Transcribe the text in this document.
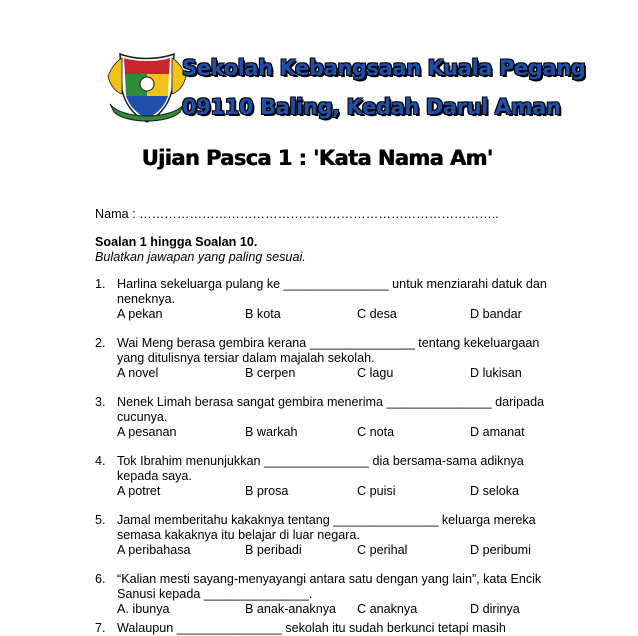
Sekolah Kebangsaan Kuala Pegang
09110 Baling, Kedah Darul Aman
Ujian Pasca 1 : 'Kata Nama Am'
Nama : …………………………………………………………………………..
Soalan 1 hingga Soalan 10.
Bulatkan jawapan yang paling sesuai.
1. Harlina sekeluarga pulang ke _______________ untuk menziarahi datuk dan
neneknya.
A pekan	B kota	C desa	D bandar
2. Wai Meng berasa gembira kerana _______________ tentang kekeluargaan
yang ditulisnya tersiar dalam majalah sekolah.
A novel	B cerpen	C lagu	D lukisan
3. Nenek Limah berasa sangat gembira menerima _______________ daripada
cucunya.
A pesanan	B warkah	C nota	D amanat
4. Tok Ibrahim menunjukkan _______________ dia bersama-sama adiknya
kepada saya.
A potret	B prosa	C puisi	D seloka
5. Jamal memberitahu kakaknya tentang _______________ keluarga mereka
semasa kakaknya itu belajar di luar negara.
A peribahasa	B peribadi	C perihal	D peribumi
6. “Kalian mesti sayang-menyayangi antara satu dengan yang lain”, kata Encik
Sanusi kepada _______________.
A. ibunya	B anak-anaknya C anaknya	D dirinya
7. Walaupun _______________ sekolah itu sudah berkunci tetapi masih
